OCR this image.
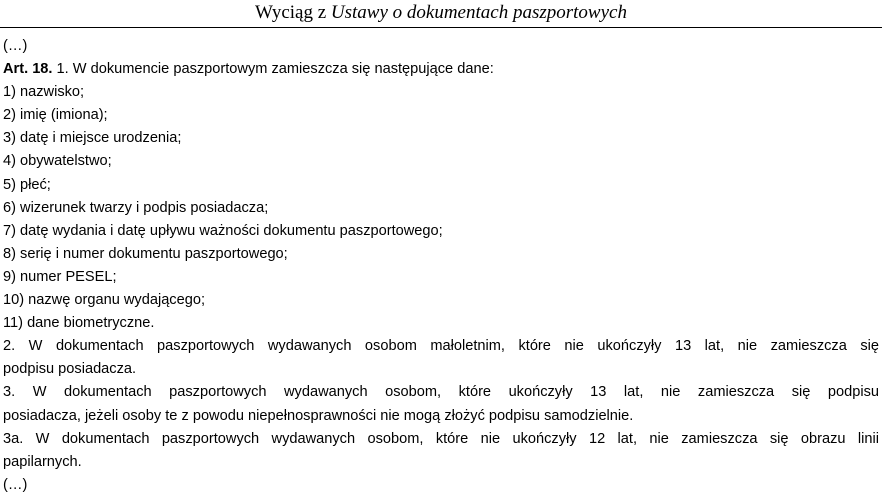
Wyciąg z Ustawy o dokumentach paszportowych
(…)
Art. 18. 1. W dokumencie paszportowym zamieszcza się następujące dane:
1) nazwisko;
2) imię (imiona);
3) datę i miejsce urodzenia;
4) obywatelstwo;
5) płeć;
6) wizerunek twarzy i podpis posiadacza;
7) datę wydania i datę upływu ważności dokumentu paszportowego;
8) serię i numer dokumentu paszportowego;
9) numer PESEL;
10) nazwę organu wydającego;
11) dane biometryczne.
2. W dokumentach paszportowych wydawanych osobom małoletnim, które nie ukończyły 13 lat, nie zamieszcza się
podpisu posiadacza.
3. W dokumentach paszportowych wydawanych osobom, które ukończyły 13 lat, nie zamieszcza się podpisu
posiadacza, jeżeli osoby te z powodu niepełnosprawności nie mogą złożyć podpisu samodzielnie.
3a. W dokumentach paszportowych wydawanych osobom, które nie ukończyły 12 lat, nie zamieszcza się obrazu linii
papilarnych.
(…)
